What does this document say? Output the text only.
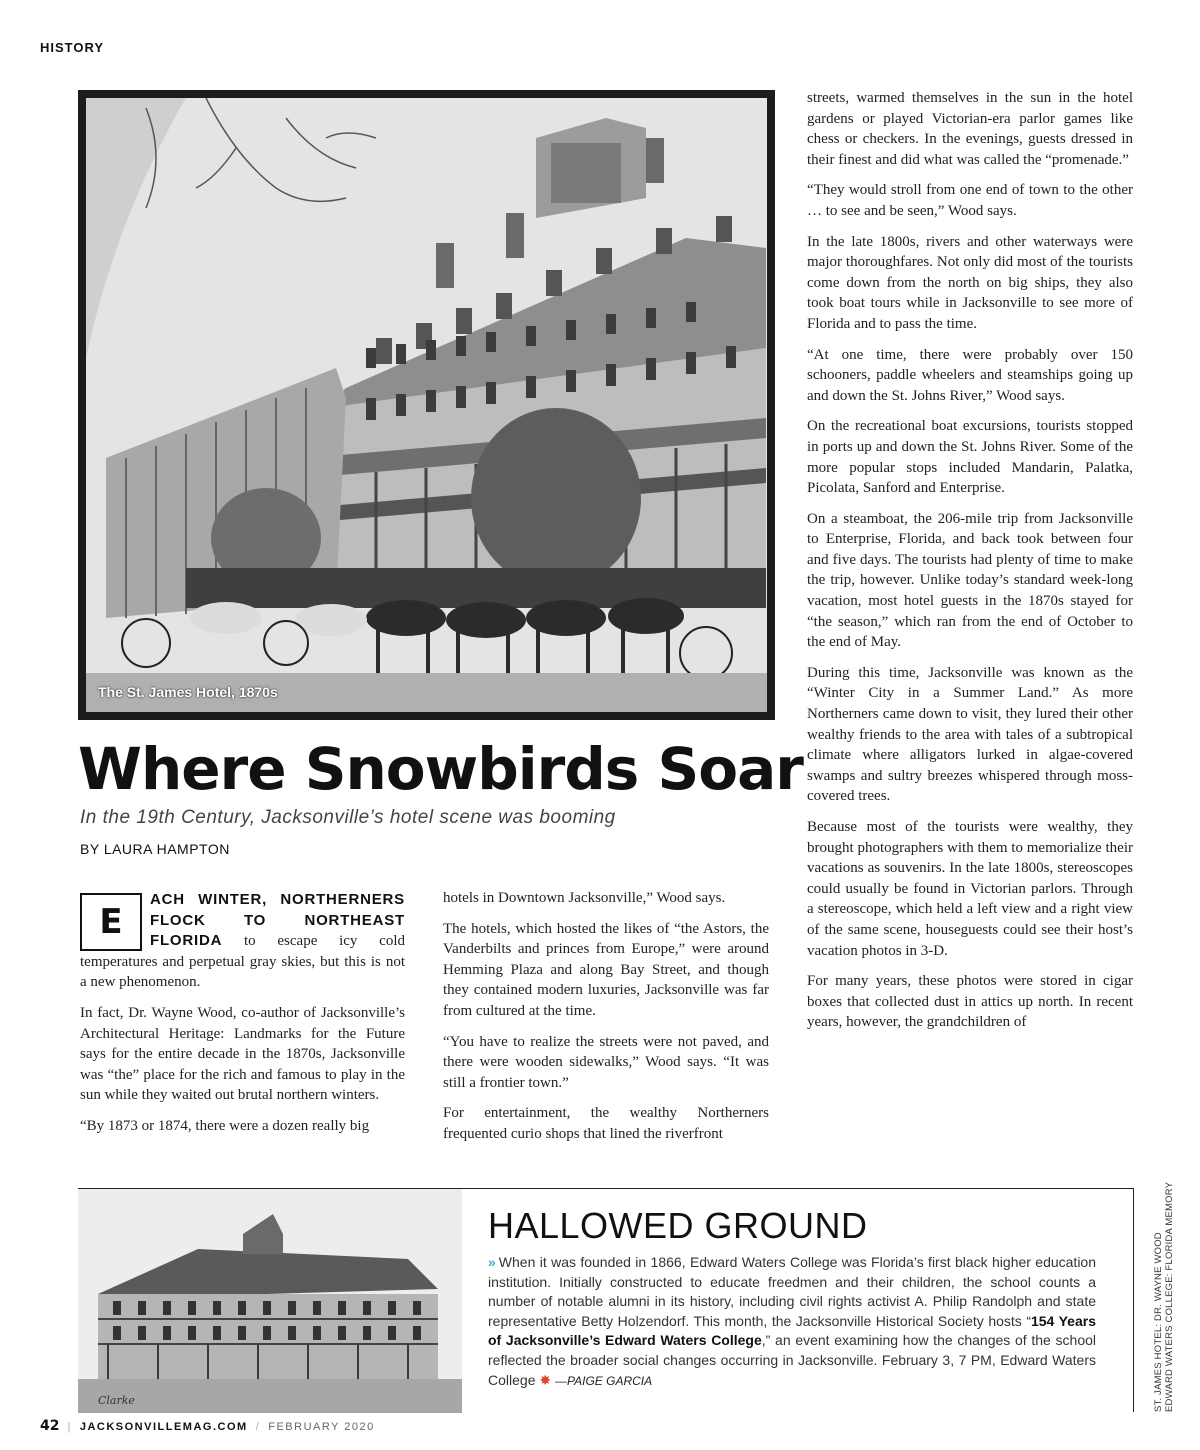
HISTORY
The St. James Hotel, 1870s
Where Snowbirds Soar
In the 19th Century, Jacksonville’s hotel scene was booming
BY LAURA HAMPTON

E
ACH WINTER, NORTHERNERS FLOCK TO NORTHEAST FLORIDA to escape icy cold temperatures and perpetual gray skies, but this is not a new phenomenon.

In fact, Dr. Wayne Wood, co-author of Jacksonville’s Architectural Heritage: Landmarks for the Future says for the entire decade in the 1870s, Jacksonville was “the” place for the rich and famous to play in the sun while they waited out brutal northern winters.

“By 1873 or 1874, there were a dozen really big

hotels in Downtown Jacksonville,” Wood says.

The hotels, which hosted the likes of “the Astors, the Vanderbilts and princes from Europe,” were around Hemming Plaza and along Bay Street, and though they contained modern luxuries, Jacksonville was far from cultured at the time.

“You have to realize the streets were not paved, and there were wooden sidewalks,” Wood says. “It was still a frontier town.”

For entertainment, the wealthy Northerners frequented curio shops that lined the riverfront

streets, warmed themselves in the sun in the hotel gardens or played Victorian-era parlor games like chess or checkers. In the evenings, guests dressed in their finest and did what was called the “promenade.”

“They would stroll from one end of town to the other … to see and be seen,” Wood says.

In the late 1800s, rivers and other waterways were major thoroughfares. Not only did most of the tourists come down from the north on big ships, they also took boat tours while in Jacksonville to see more of Florida and to pass the time.

“At one time, there were probably over 150 schooners, paddle wheelers and steamships going up and down the St. Johns River,” Wood says.

On the recreational boat excursions, tourists stopped in ports up and down the St. Johns River. Some of the more popular stops included Mandarin, Palatka, Picolata, Sanford and Enterprise.

On a steamboat, the 206-mile trip from Jacksonville to Enterprise, Florida, and back took between four and five days. The tourists had plenty of time to make the trip, however. Unlike today’s standard week-long vacation, most hotel guests in the 1870s stayed for “the season,” which ran from the end of October to the end of May.

During this time, Jacksonville was known as the “Winter City in a Summer Land.” As more Northerners came down to visit, they lured their other wealthy friends to the area with tales of a subtropical climate where alligators lurked in algae-covered swamps and sultry breezes whispered through moss-covered trees.

Because most of the tourists were wealthy, they brought photographers with them to memorialize their vacations as souvenirs. In the late 1800s, stereoscopes could usually be found in Victorian parlors. Through a stereoscope, which held a left view and a right view of the same scene, houseguests could see their host’s vacation photos in 3-D.

For many years, these photos were stored in cigar boxes that collected dust in attics up north. In recent years, however, the grandchildren of

Clarke
HALLOWED GROUND
» When it was founded in 1866, Edward Waters College was Florida’s first black higher education institution. Initially constructed to educate freedmen and their children, the school counts a number of notable alumni in its history, including civil rights activist A. Philip Randolph and state representative Betty Holzendorf. This month, the Jacksonville Historical Society hosts “154 Years of Jacksonville’s Edward Waters College,” an event examining how the changes of the school reflected the broader social changes occurring in Jacksonville. February 3, 7 PM, Edward Waters College ✸ —PAIGE GARCIA	ST. JAMES HOTEL: DR. WAYNE WOOD EDWARD WATERS COLLEGE: FLORIDA MEMORY
42 | JACKSONVILLEMAG.COM / FEBRUARY 2020
